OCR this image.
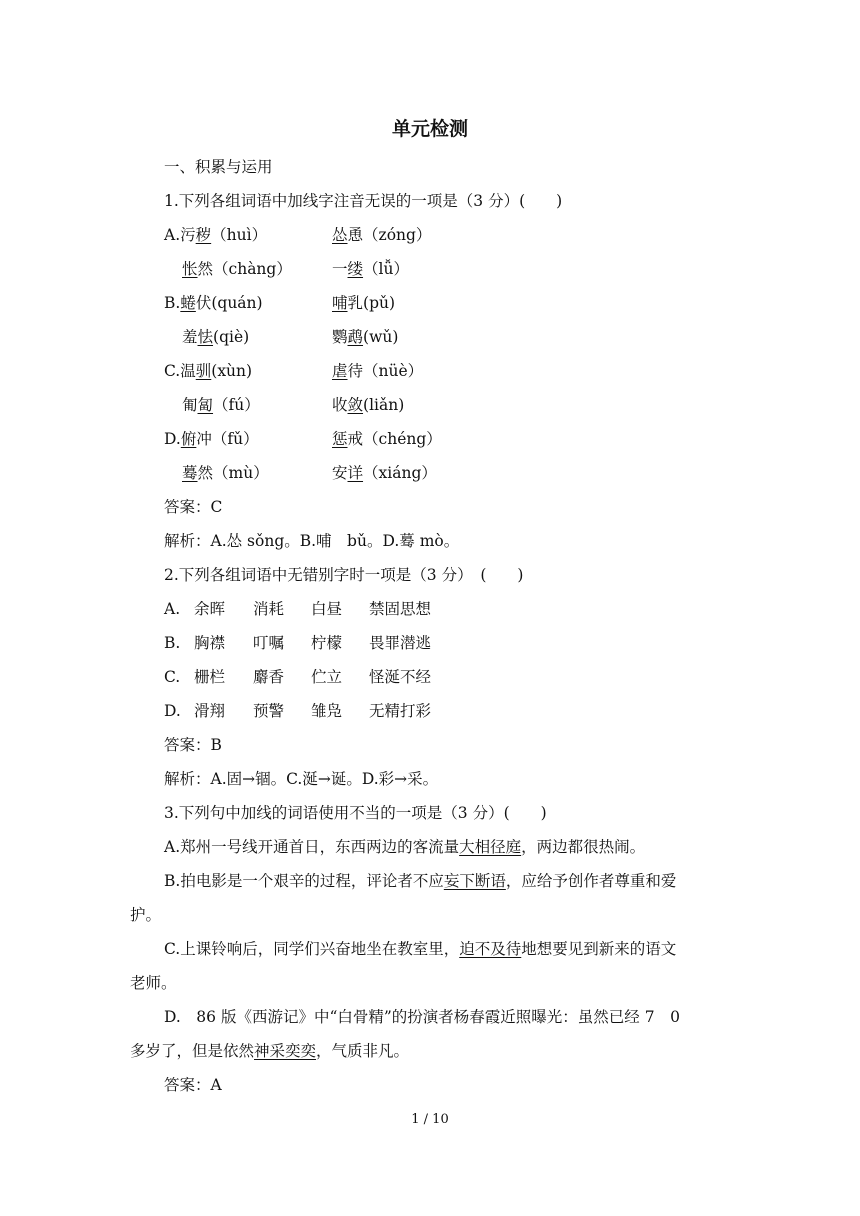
单元检测
一、积累与运用
1.下列各组词语中加线字注音无误的一项是（3 分）(　　)
A.污秽（huì）	怂恿（zóng）
怅然（chàng）	一缕（lǚ）
B.蜷伏(quán)	哺乳(pǔ)
羞怯(qiè)	鹦鹉(wǔ)
C.温驯(xùn)	虐待（nüè）
匍匐（fú）	收敛(liǎn)
D.俯冲（fǔ）	惩戒（chéng）
蓦然（mù）	安详（xiáng）
答案：C
解析：A.怂 sǒng。B.哺　bǔ。D.蓦 mò。
2.下列各组词语中无错别字时一项是（3 分）　(　　)
A. 余晖 消耗 白昼 禁固思想
B. 胸襟 叮嘱 柠檬 畏罪潜逃
C. 栅栏 麝香 伫立 怪涎不经
D. 滑翔 预警 雏凫 无精打彩
答案：B
解析：A.固→锢。C.涎→诞。D.彩→采。
3.下列句中加线的词语使用不当的一项是（3 分）(　　)
A.郑州一号线开通首日，东西两边的客流量大相径庭，两边都很热闹。
B.拍电影是一个艰辛的过程，评论者不应妄下断语，应给予创作者尊重和爱
护。
C.上课铃响后，同学们兴奋地坐在教室里，迫不及待地想要见到新来的语文
老师。
D.　86 版《西游记》中“白骨精”的扮演者杨春霞近照曝光：虽然已经 7　0
多岁了，但是依然神采奕奕，气质非凡。
答案：A
1 / 10
